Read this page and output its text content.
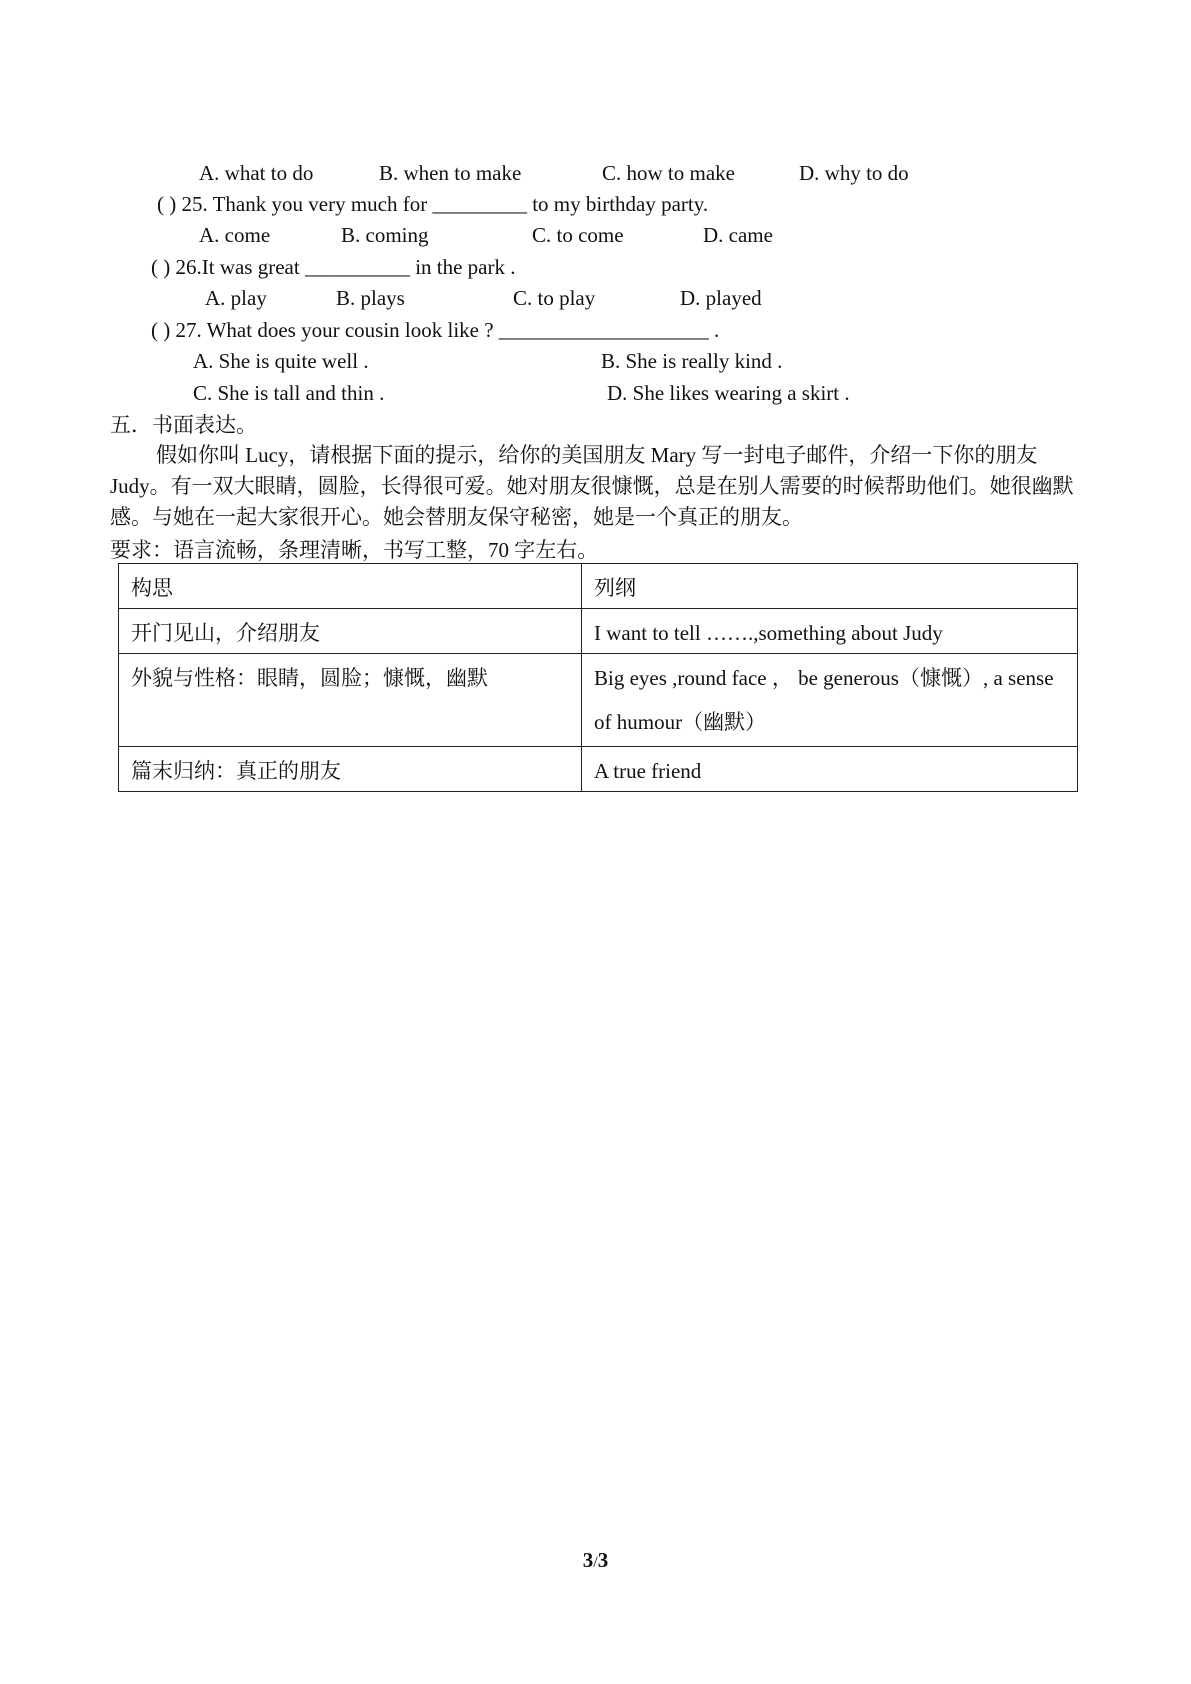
A. what to do	B. when to make	C. how to make	D. why to do
( ) 25. Thank you very much for _________ to my birthday party.
A. come	B. coming	C. to come	D. came
( ) 26.It was great __________ in the park .
A. play	B. plays	C. to play	D. played
( ) 27. What does your cousin look like ? ____________________ .
A. She is quite well .	B. She is really kind .
C. She is tall and thin .	D. She likes wearing a skirt .
五．书面表达。
假如你叫 Lucy，请根据下面的提示，给你的美国朋友 Mary 写一封电子邮件，介绍一下你的朋友 Judy。有一双大眼睛，圆脸，长得很可爱。她对朋友很慷慨，总是在别人需要的时候帮助他们。她很幽默感。与她在一起大家很开心。她会替朋友保守秘密，她是一个真正的朋友。
要求：语言流畅，条理清晰，书写工整，70 字左右。
构思	列纲
开门见山，介绍朋友	I want to tell …….,something about Judy
外貌与性格：眼睛，圆脸；慷慨，幽默	Big eyes ,round face ， be generous（慷慨）, a sense of humour（幽默）
篇末归纳：真正的朋友	A true friend
3/3
